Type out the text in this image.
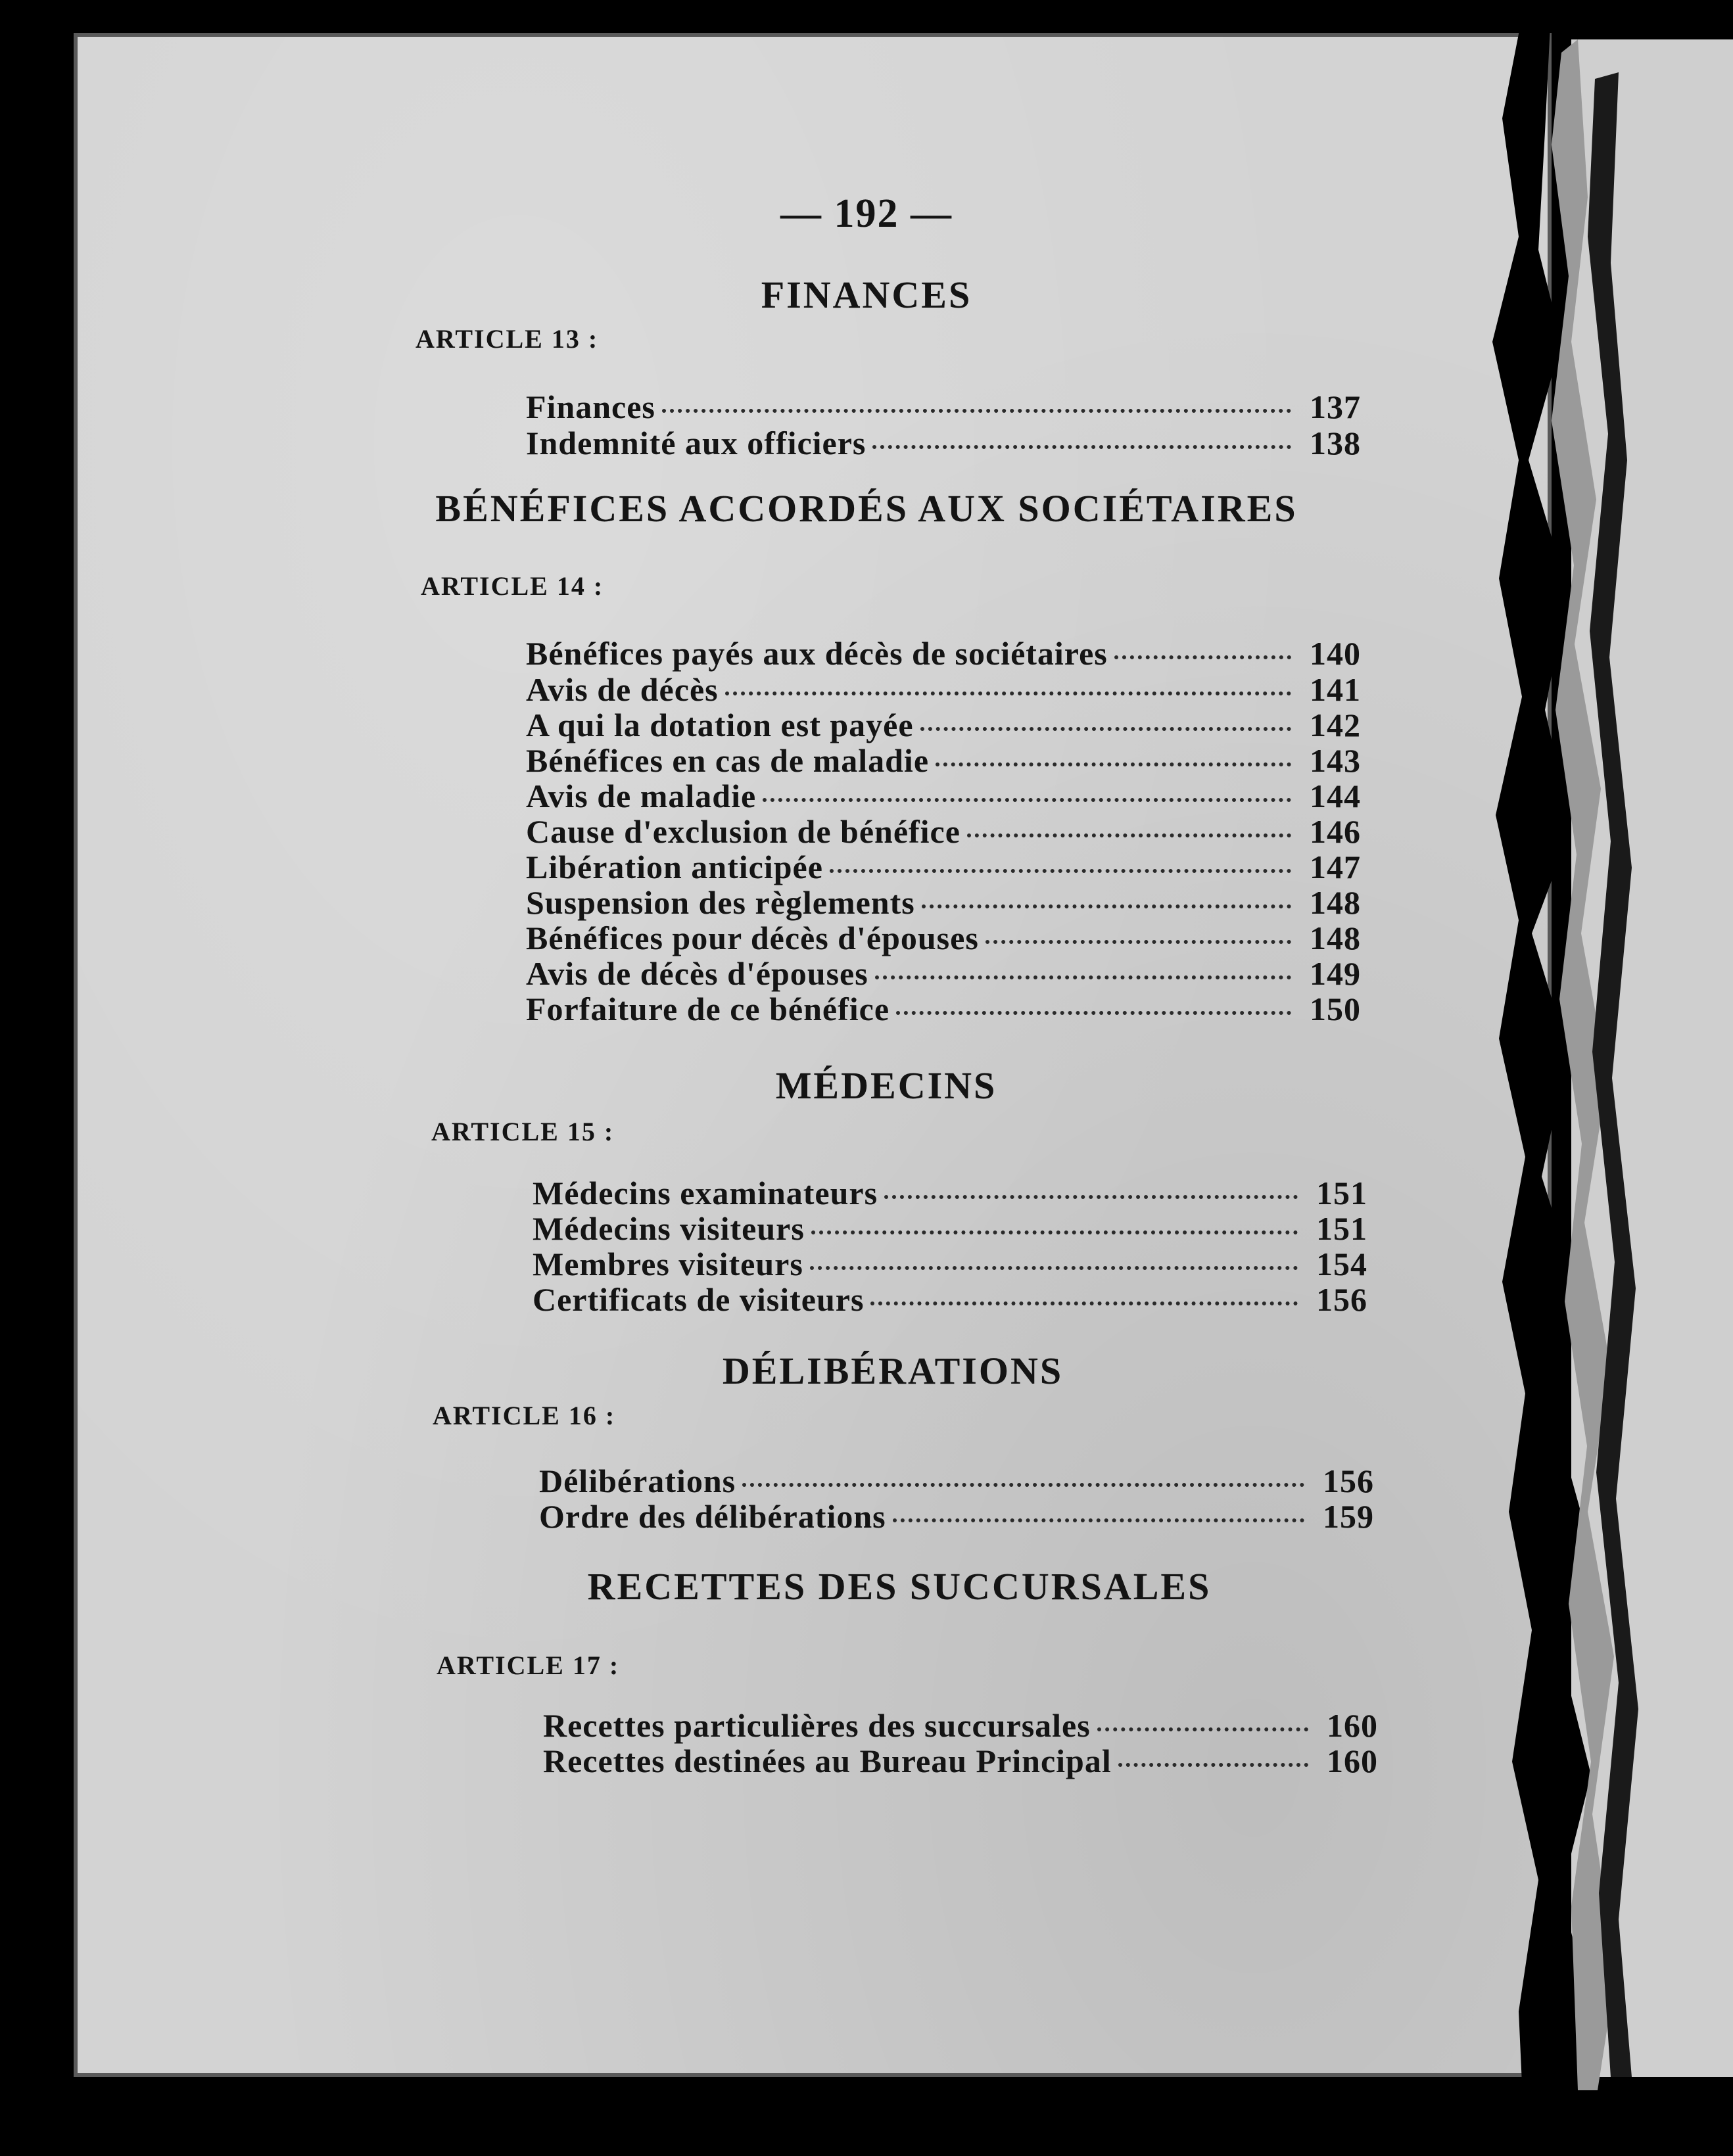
— 192 —
FINANCES
ARTICLE 13 :
Finances	137
Indemnité aux officiers	138
BÉNÉFICES ACCORDÉS AUX SOCIÉTAIRES
ARTICLE 14 :
Bénéfices payés aux décès de sociétaires	140
Avis de décès	141
A qui la dotation est payée	142
Bénéfices en cas de maladie	143
Avis de maladie	144
Cause d'exclusion de bénéfice	146
Libération anticipée	147
Suspension des règlements	148
Bénéfices pour décès d'épouses	148
Avis de décès d'épouses	149
Forfaiture de ce bénéfice	150
MÉDECINS
ARTICLE 15 :
Médecins examinateurs	151
Médecins visiteurs	151
Membres visiteurs	154
Certificats de visiteurs	156
DÉLIBÉRATIONS
ARTICLE 16 :
Délibérations	156
Ordre des délibérations	159
RECETTES DES SUCCURSALES
ARTICLE 17 :
Recettes particulières des succursales	160
Recettes destinées au Bureau Principal	160
